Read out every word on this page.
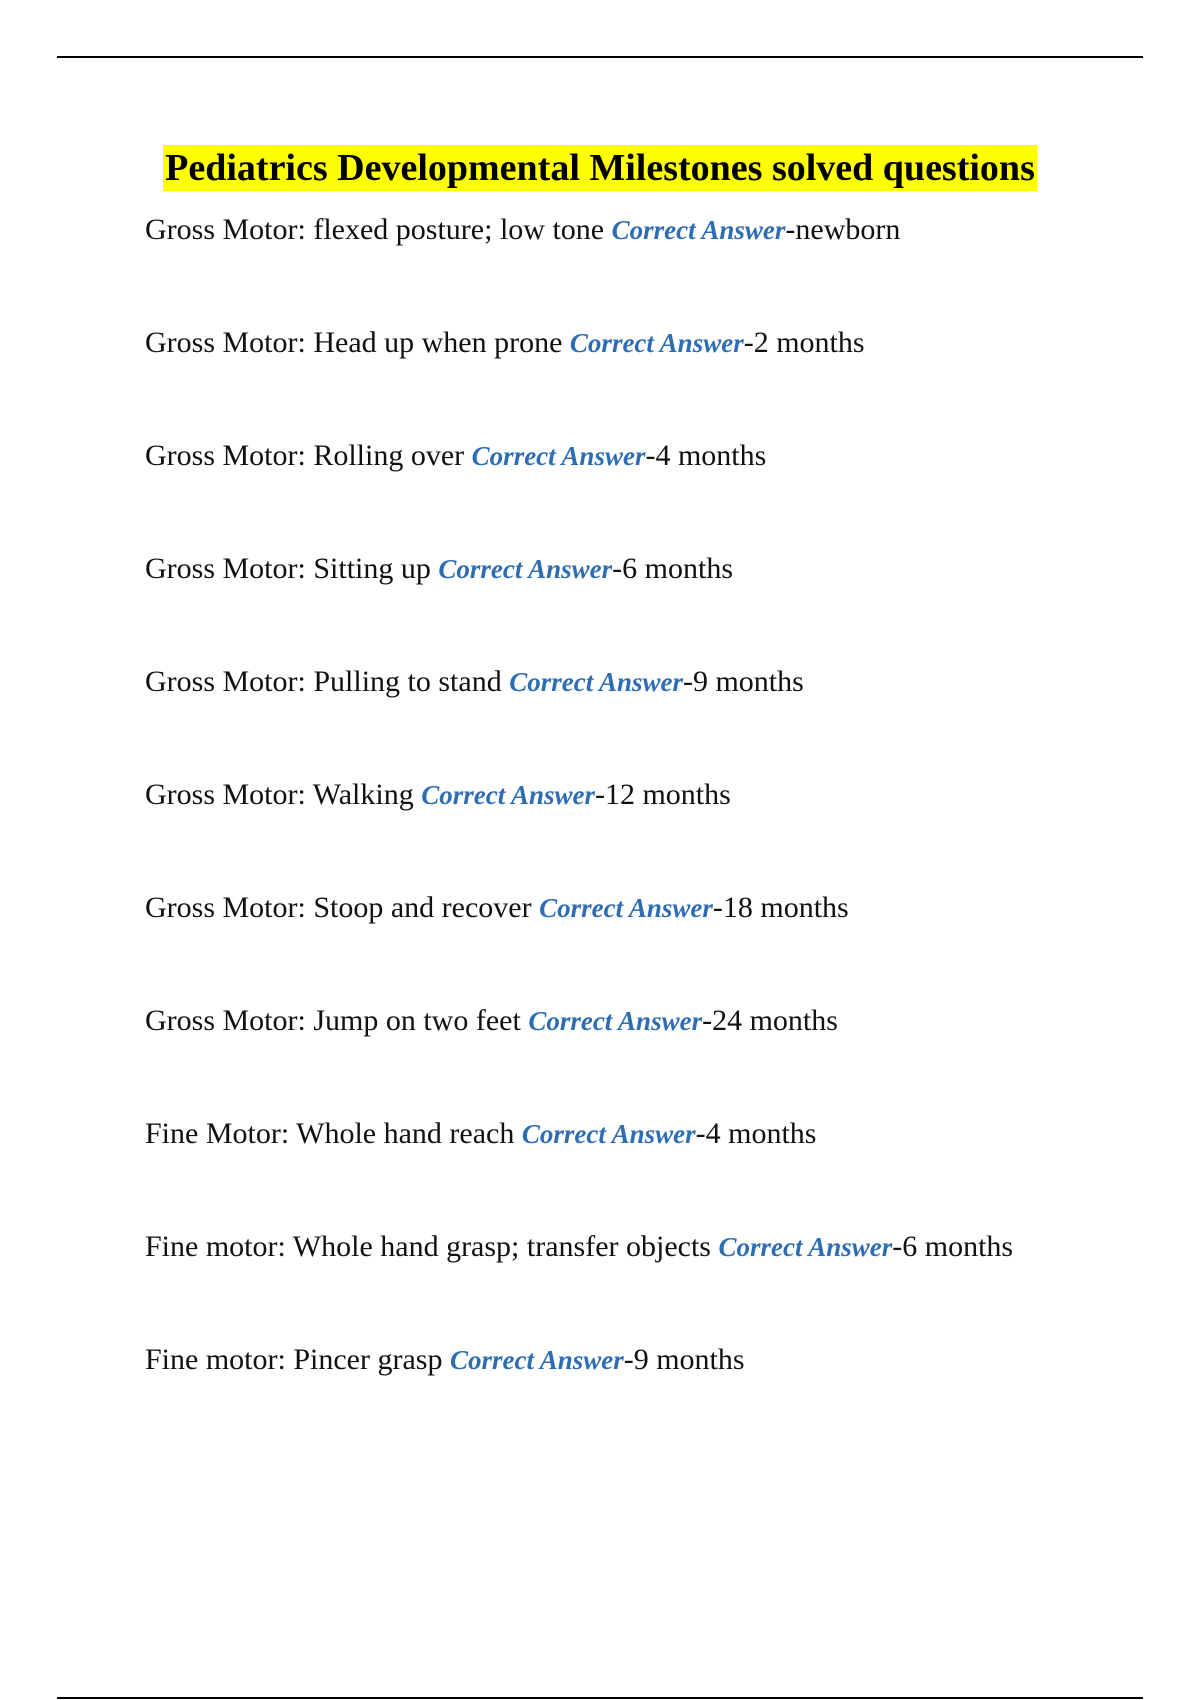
Pediatrics Developmental Milestones solved questions
Gross Motor: flexed posture; low tone Correct Answer-newborn
Gross Motor: Head up when prone Correct Answer-2 months
Gross Motor: Rolling over Correct Answer-4 months
Gross Motor: Sitting up Correct Answer-6 months
Gross Motor: Pulling to stand Correct Answer-9 months
Gross Motor: Walking Correct Answer-12 months
Gross Motor: Stoop and recover Correct Answer-18 months
Gross Motor: Jump on two feet Correct Answer-24 months
Fine Motor: Whole hand reach Correct Answer-4 months
Fine motor: Whole hand grasp; transfer objects Correct Answer-6 months
Fine motor: Pincer grasp Correct Answer-9 months
